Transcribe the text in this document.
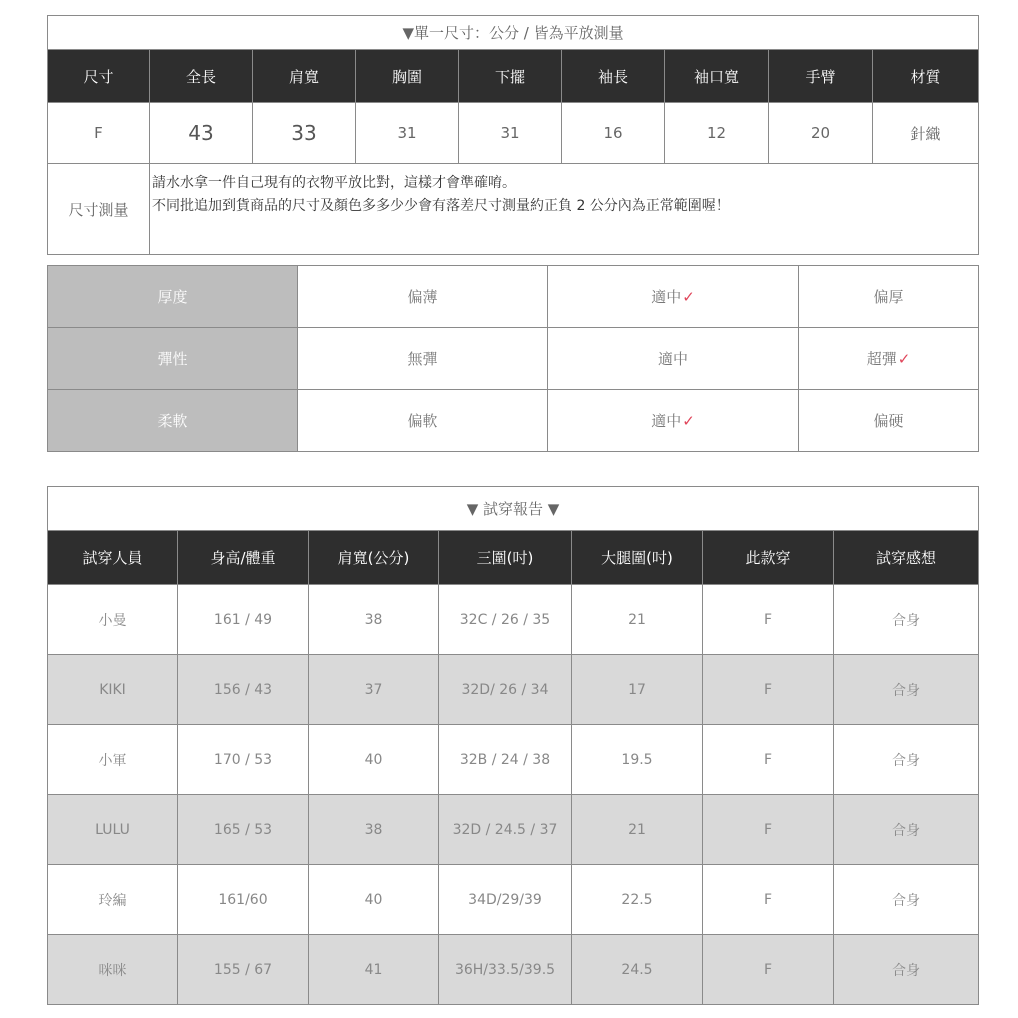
▼單一尺寸：公分 / 皆為平放測量								
尺寸	全長	肩寬	胸圍	下擺	袖長	袖口寬	手臂	材質
F	43	33	31	31	16	12	20	針織
尺寸測量	請水水拿一件自己現有的衣物平放比對，這樣才會準確唷。
不同批追加到貨商品的尺寸及顏色多多少少會有落差尺寸測量約正負 2 公分內為正常範圍喔！							
厚度	偏薄	適中✓	偏厚
彈性	無彈	適中	超彈✓
柔軟	偏軟	適中✓	偏硬
▼ 試穿報告 ▼						
試穿人員	身高/體重	肩寬(公分)	三圍(吋)	大腿圍(吋)	此款穿	試穿感想
小曼	161 / 49	38	32C / 26 / 35	21	F	合身
KIKI	156 / 43	37	32D/ 26 / 34	17	F	合身
小軍	170 / 53	40	32B / 24 / 38	19.5	F	合身
LULU	165 / 53	38	32D / 24.5 / 37	21	F	合身
玲編	161/60	40	34D/29/39	22.5	F	合身
咪咪	155 / 67	41	36H/33.5/39.5	24.5	F	合身
